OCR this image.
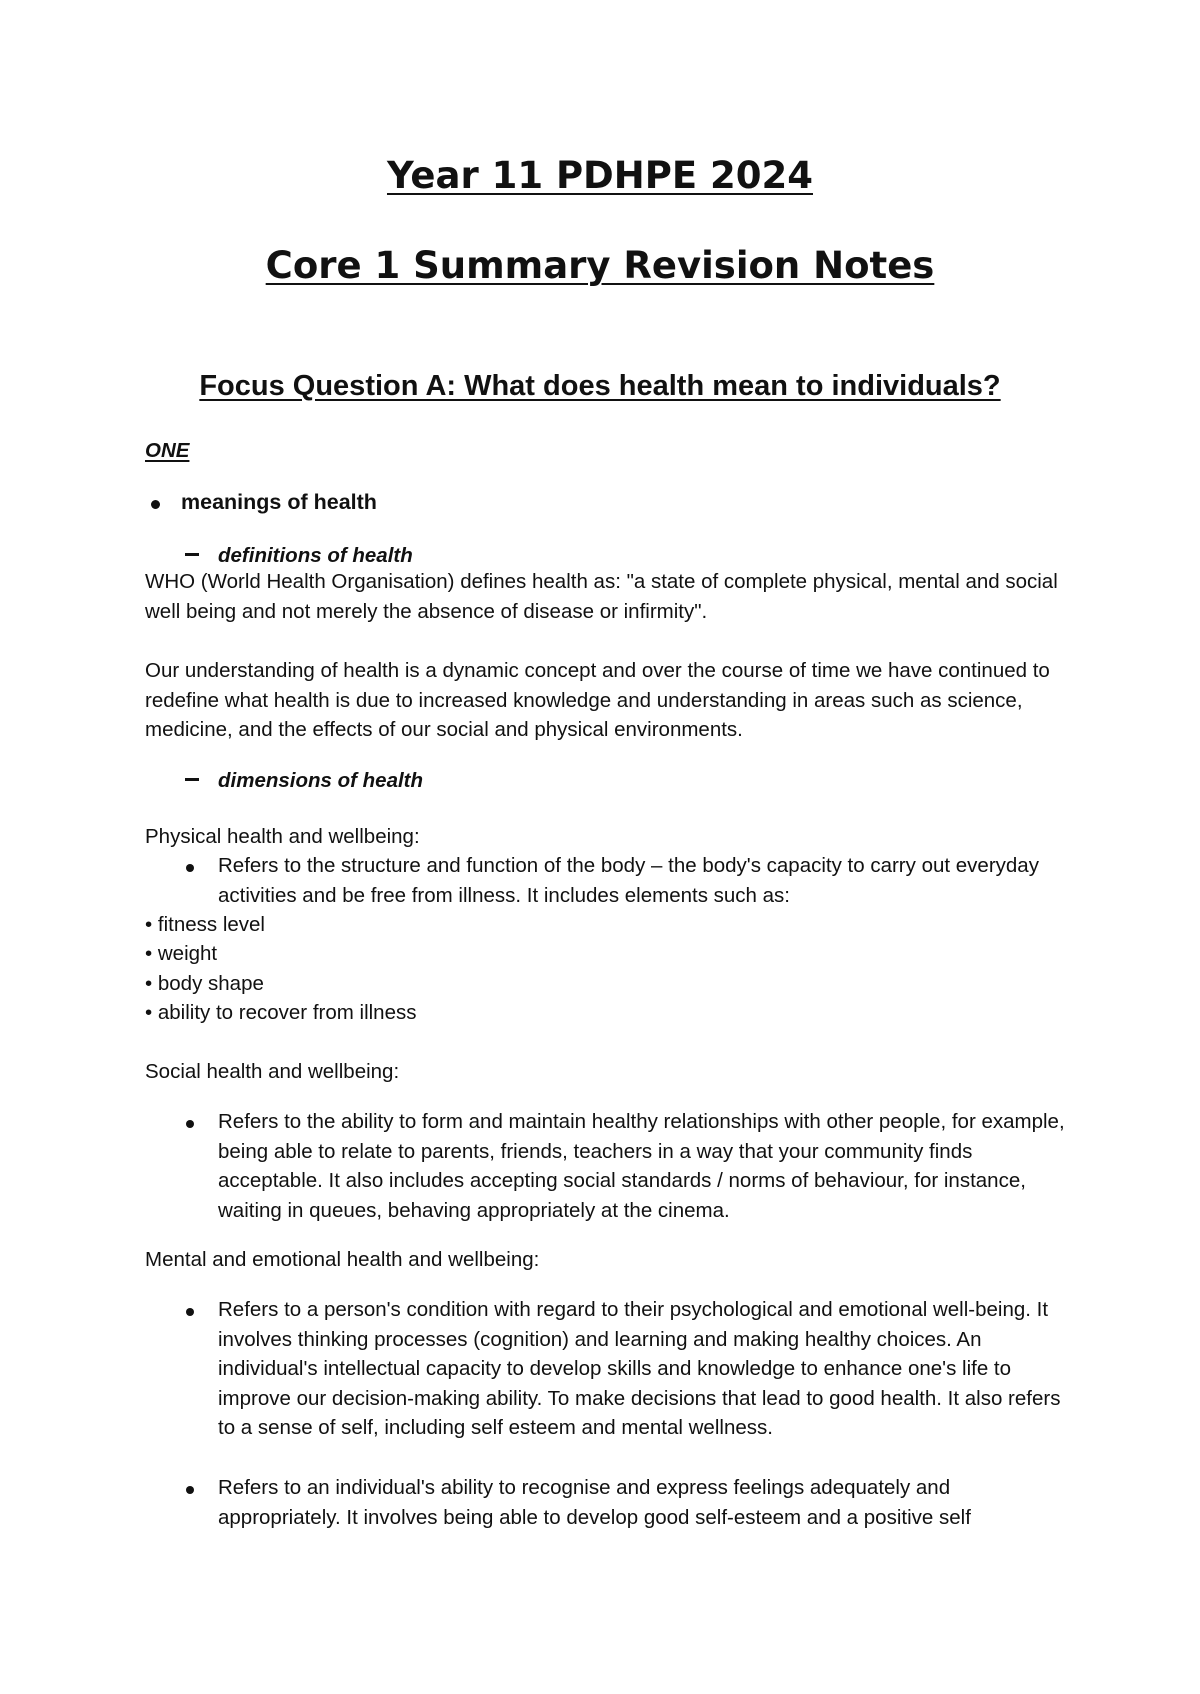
Year 11 PDHPE 2024
Core 1 Summary Revision Notes
Focus Question A: What does health mean to individuals?

ONE

meanings of health

definitions of health

WHO (World Health Organisation) defines health as: "a state of complete physical, mental and social well being and not merely the absence of disease or infirmity".

Our understanding of health is a dynamic concept and over the course of time we have continued to redefine what health is due to increased knowledge and understanding in areas such as science, medicine, and the effects of our social and physical environments.

dimensions of health

Physical health and wellbeing:

Refers to the structure and function of the body – the body's capacity to carry out everyday activities and be free from illness. It includes elements such as:

• fitness level

• weight

• body shape

• ability to recover from illness

Social health and wellbeing:

Refers to the ability to form and maintain healthy relationships with other people, for example, being able to relate to parents, friends, teachers in a way that your community finds acceptable. It also includes accepting social standards / norms of behaviour, for instance, waiting in queues, behaving appropriately at the cinema.

Mental and emotional health and wellbeing:

Refers to a person's condition with regard to their psychological and emotional well-being. It involves thinking processes (cognition) and learning and making healthy choices. An individual's intellectual capacity to develop skills and knowledge to enhance one's life to improve our decision-making ability. To make decisions that lead to good health. It also refers to a sense of self, including self esteem and mental wellness.

Refers to an individual's ability to recognise and express feelings adequately and appropriately. It involves being able to develop good self-esteem and a positive self
